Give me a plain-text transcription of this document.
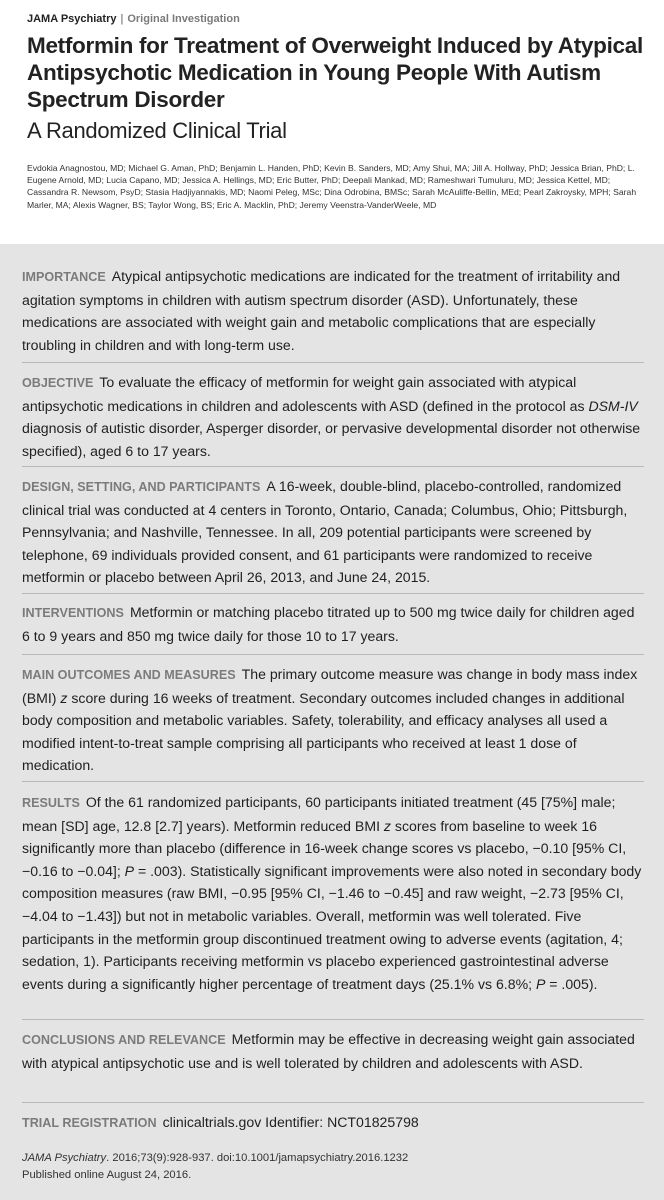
JAMA Psychiatry | Original Investigation
Metformin for Treatment of Overweight Induced by Atypical Antipsychotic Medication in Young People With Autism Spectrum Disorder
A Randomized Clinical Trial
Evdokia Anagnostou, MD; Michael G. Aman, PhD; Benjamin L. Handen, PhD; Kevin B. Sanders, MD; Amy Shui, MA; Jill A. Hollway, PhD; Jessica Brian, PhD; L. Eugene Arnold, MD; Lucia Capano, MD; Jessica A. Hellings, MD; Eric Butter, PhD; Deepali Mankad, MD; Rameshwari Tumuluru, MD; Jessica Kettel, MD; Cassandra R. Newsom, PsyD; Stasia Hadjiyannakis, MD; Naomi Peleg, MSc; Dina Odrobina, BMSc; Sarah McAuliffe-Bellin, MEd; Pearl Zakroysky, MPH; Sarah Marler, MA; Alexis Wagner, BS; Taylor Wong, BS; Eric A. Macklin, PhD; Jeremy Veenstra-VanderWeele, MD
IMPORTANCE Atypical antipsychotic medications are indicated for the treatment of irritability and agitation symptoms in children with autism spectrum disorder (ASD). Unfortunately, these medications are associated with weight gain and metabolic complications that are especially troubling in children and with long-term use.
OBJECTIVE To evaluate the efficacy of metformin for weight gain associated with atypical antipsychotic medications in children and adolescents with ASD (defined in the protocol as DSM-IV diagnosis of autistic disorder, Asperger disorder, or pervasive developmental disorder not otherwise specified), aged 6 to 17 years.
DESIGN, SETTING, AND PARTICIPANTS A 16-week, double-blind, placebo-controlled, randomized clinical trial was conducted at 4 centers in Toronto, Ontario, Canada; Columbus, Ohio; Pittsburgh, Pennsylvania; and Nashville, Tennessee. In all, 209 potential participants were screened by telephone, 69 individuals provided consent, and 61 participants were randomized to receive metformin or placebo between April 26, 2013, and June 24, 2015.
INTERVENTIONS Metformin or matching placebo titrated up to 500 mg twice daily for children aged 6 to 9 years and 850 mg twice daily for those 10 to 17 years.
MAIN OUTCOMES AND MEASURES The primary outcome measure was change in body mass index (BMI) z score during 16 weeks of treatment. Secondary outcomes included changes in additional body composition and metabolic variables. Safety, tolerability, and efficacy analyses all used a modified intent-to-treat sample comprising all participants who received at least 1 dose of medication.
RESULTS Of the 61 randomized participants, 60 participants initiated treatment (45 [75%] male; mean [SD] age, 12.8 [2.7] years). Metformin reduced BMI z scores from baseline to week 16 significantly more than placebo (difference in 16-week change scores vs placebo, −0.10 [95% CI, −0.16 to −0.04]; P = .003). Statistically significant improvements were also noted in secondary body composition measures (raw BMI, −0.95 [95% CI, −1.46 to −0.45] and raw weight, −2.73 [95% CI, −4.04 to −1.43]) but not in metabolic variables. Overall, metformin was well tolerated. Five participants in the metformin group discontinued treatment owing to adverse events (agitation, 4; sedation, 1). Participants receiving metformin vs placebo experienced gastrointestinal adverse events during a significantly higher percentage of treatment days (25.1% vs 6.8%; P = .005).
CONCLUSIONS AND RELEVANCE Metformin may be effective in decreasing weight gain associated with atypical antipsychotic use and is well tolerated by children and adolescents with ASD.
TRIAL REGISTRATION clinicaltrials.gov Identifier: NCT01825798
JAMA Psychiatry. 2016;73(9):928-937. doi:10.1001/jamapsychiatry.2016.1232
Published online August 24, 2016.
